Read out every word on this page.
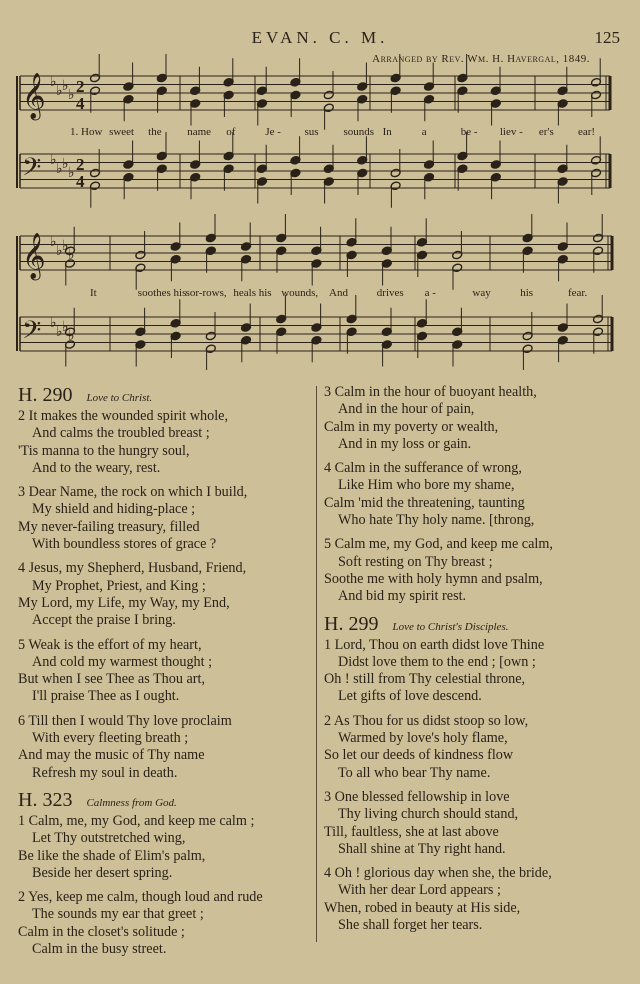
EVAN. C. M.	125
Arranged by Rev. Wm. H. Havergal, 1849.
𝄞 ♭
♭ ♭
♭ 2
4
𝄢 ♭
♭ ♭
♭ 2
4
𝄞 ♭
♭ ♭
♭
𝄢 ♭
♭ ♭
♭
1. How sweet the name of	Je - sus sounds In	a	be - liev - er's ear!
It	soothes his sor-rows, heals his wounds, And	drives a -	way	his	fear.
H. 290 Love to Christ.
2 It makes the wounded spirit whole,
And calms the troubled breast ;
'Tis manna to the hungry soul,
And to the weary, rest.
3 Dear Name, the rock on which I build,
My shield and hiding-place ;
My never-failing treasury, filled
With boundless stores of grace ?
4 Jesus, my Shepherd, Husband, Friend,
My Prophet, Priest, and King ;
My Lord, my Life, my Way, my End,
Accept the praise I bring.
5 Weak is the effort of my heart,
And cold my warmest thought ;
But when I see Thee as Thou art,
I'll praise Thee as I ought.
6 Till then I would Thy love proclaim
With every fleeting breath ;
And may the music of Thy name
Refresh my soul in death.
H. 323 Calmness from God.
1 Calm, me, my God, and keep me calm ;
Let Thy outstretched wing,
Be like the shade of Elim's palm,
Beside her desert spring.
2 Yes, keep me calm, though loud and rude
The sounds my ear that greet ;
Calm in the closet's solitude ;
Calm in the busy street.
3 Calm in the hour of buoyant health,
And in the hour of pain,
Calm in my poverty or wealth,
And in my loss or gain.
4 Calm in the sufferance of wrong,
Like Him who bore my shame,
Calm 'mid the threatening, taunting
Who hate Thy holy name. [throng,
5 Calm me, my God, and keep me calm,
Soft resting on Thy breast ;
Soothe me with holy hymn and psalm,
And bid my spirit rest.
H. 299 Love to Christ's Disciples.
1 Lord, Thou on earth didst love Thine
Didst love them to the end ; [own ;
Oh ! still from Thy celestial throne,
Let gifts of love descend.
2 As Thou for us didst stoop so low,
Warmed by love's holy flame,
So let our deeds of kindness flow
To all who bear Thy name.
3 One blessed fellowship in love
Thy living church should stand,
Till, faultless, she at last above
Shall shine at Thy right hand.
4 Oh ! glorious day when she, the bride,
With her dear Lord appears ;
When, robed in beauty at His side,
She shall forget her tears.
